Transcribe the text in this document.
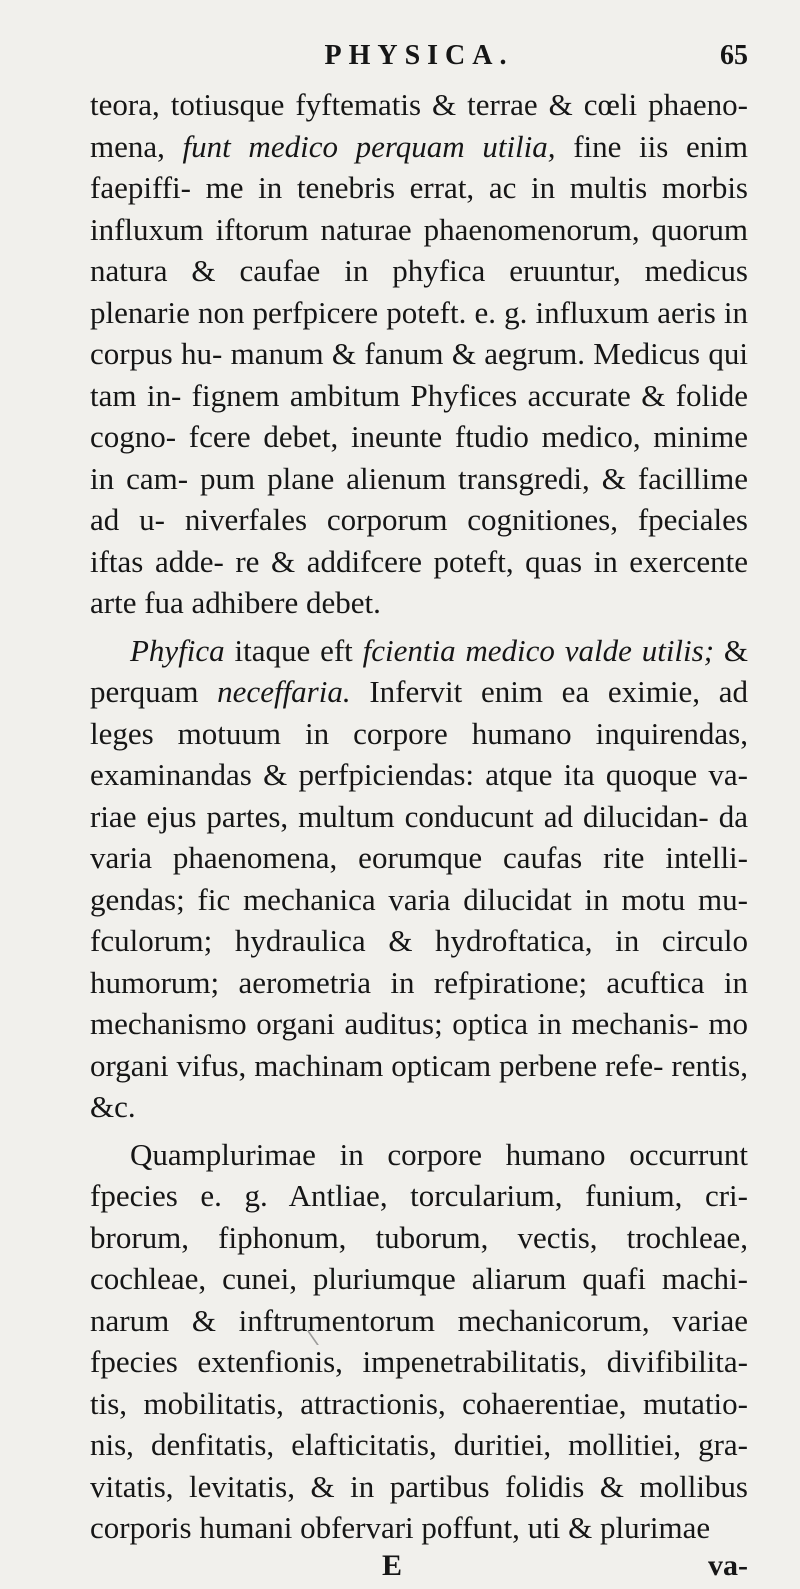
PHYSICA.	65

teora, totiusque fyftematis & terrae & cœli phaeno- mena, funt medico perquam utilia, fine iis enim faepiffi- me in tenebris errat, ac in multis morbis influxum iftorum naturae phaenomenorum, quorum natura & caufae in phyfica eruuntur, medicus plenarie non perfpicere poteft. e. g. influxum aeris in corpus hu- manum & fanum & aegrum. Medicus qui tam in- fignem ambitum Phyfices accurate & folide cogno- fcere debet, ineunte ftudio medico, minime in cam- pum plane alienum transgredi, & facillime ad u- niverfales corporum cognitiones, fpeciales iftas adde- re & addifcere poteft, quas in exercente arte fua adhibere debet.

Phyfica itaque eft fcientia medico valde utilis; & perquam neceffaria. Infervit enim ea eximie, ad leges motuum in corpore humano inquirendas, examinandas & perfpiciendas: atque ita quoque va- riae ejus partes, multum conducunt ad dilucidan- da varia phaenomena, eorumque caufas rite intelli- gendas; fic mechanica varia dilucidat in motu mu- fculorum; hydraulica & hydroftatica, in circulo humorum; aerometria in refpiratione; acuftica in mechanismo organi auditus; optica in mechanis- mo organi vifus, machinam opticam perbene refe- rentis, &c.

Quamplurimae in corpore humano occurrunt fpecies e. g. Antliae, torcularium, funium, cri- brorum, fiphonum, tuborum, vectis, trochleae, cochleae, cunei, pluriumque aliarum quafi machi- narum & inftrumentorum mechanicorum, variae fpecies extenfionis, impenetrabilitatis, divifibilita- tis, mobilitatis, attractionis, cohaerentiae, mutatio- nis, denfitatis, elafticitatis, duritiei, mollitiei, gra- vitatis, levitatis, & in partibus folidis & mollibus corporis humani obfervari poffunt, uti & plurimae

E	va-
